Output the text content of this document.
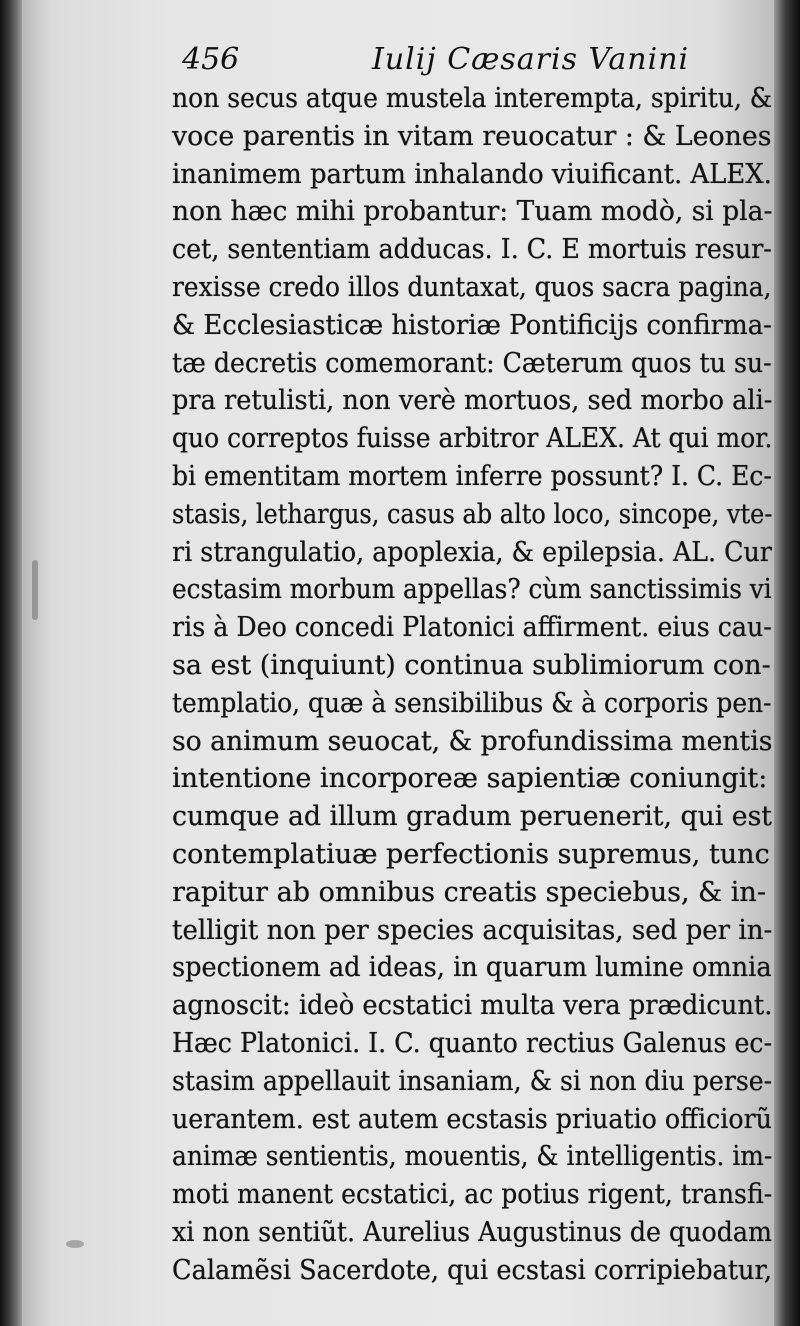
456	Iulij Cæsaris Vanini
non secus atque mustela interempta, spiritu, &
voce parentis in vitam reuocatur : & Leones
inanimem partum inhalando viuificant. ALEX.
non hæc mihi probantur: Tuam modò, si pla-
cet, sententiam adducas. I. C. E mortuis resur-
rexisse credo illos duntaxat, quos sacra pagina,
& Ecclesiasticæ historiæ Pontificijs confirma-
tæ decretis comemorant: Cæterum quos tu su-
pra retulisti, non verè mortuos, sed morbo ali-
quo correptos fuisse arbitror ALEX. At qui mor.
bi ementitam mortem inferre possunt? I. C. Ec-
stasis, lethargus, casus ab alto loco, sincope, vte-
ri strangulatio, apoplexia, & epilepsia. AL. Cur
ecstasim morbum appellas? cùm sanctissimis vi
ris à Deo concedi Platonici affirment. eius cau-
sa est (inquiunt) continua sublimiorum con-
templatio, quæ à sensibilibus & à corporis pen-
so animum seuocat, & profundissima mentis
intentione incorporeæ sapientiæ coniungit:
cumque ad illum gradum peruenerit, qui est
contemplatiuæ perfectionis supremus, tunc
rapitur ab omnibus creatis speciebus, & in-
telligit non per species acquisitas, sed per in-
spectionem ad ideas, in quarum lumine omnia
agnoscit: ideò ecstatici multa vera prædicunt.
Hæc Platonici. I. C. quanto rectius Galenus ec-
stasim appellauit insaniam, & si non diu perse-
uerantem. est autem ecstasis priuatio officiorũ
animæ sentientis, mouentis, & intelligentis. im-
moti manent ecstatici, ac potius rigent, transfi-
xi non sentiũt. Aurelius Augustinus de quodam
Calamẽsi Sacerdote, qui ecstasi corripiebatur,
